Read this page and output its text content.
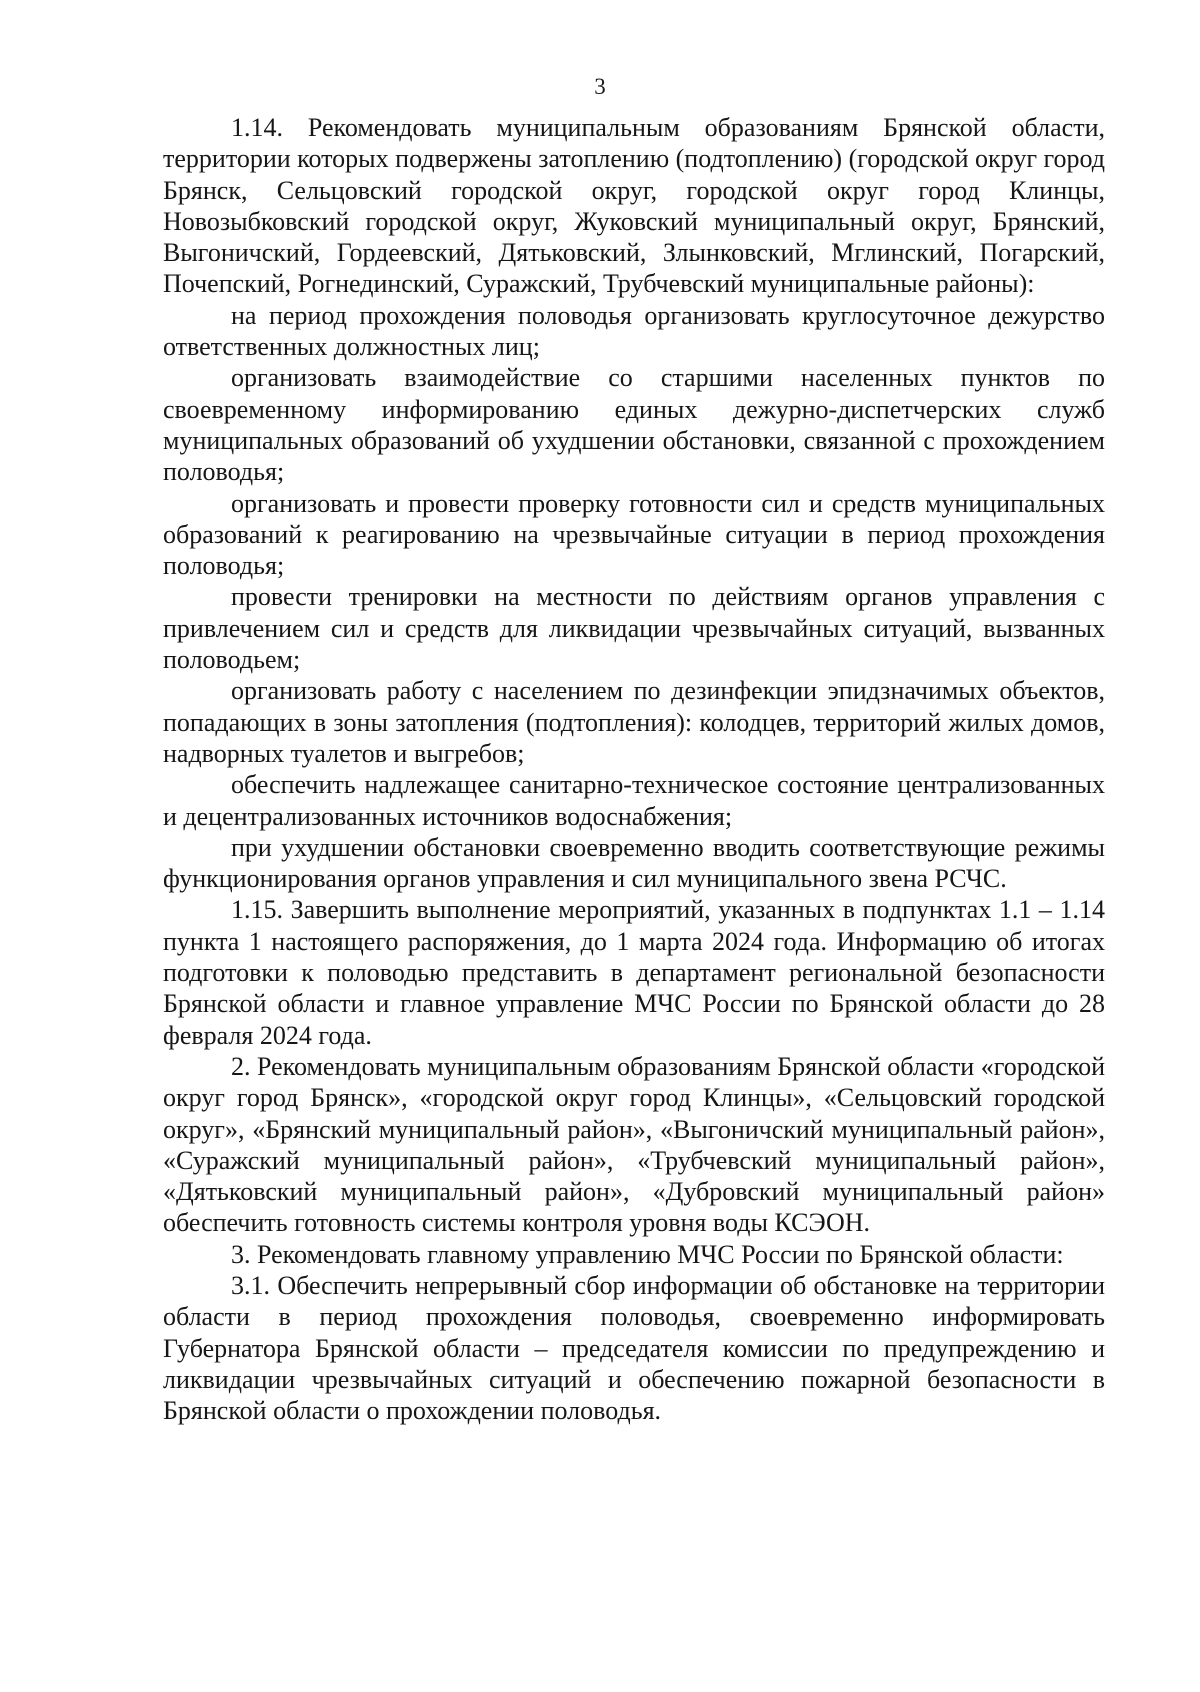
3

1.14. Рекомендовать муниципальным образованиям Брянской области, территории которых подвержены затоплению (подтоплению) (городской округ город Брянск, Сельцовский городской округ, городской округ город Клинцы, Новозыбковский городской округ, Жуковский муниципальный округ, Брянский, Выгоничский, Гордеевский, Дятьковский, Злынковский, Мглинский, Погарский, Почепский, Рогнединский, Суражский, Трубчевский муниципальные районы):

на период прохождения половодья организовать круглосуточное дежурство ответственных должностных лиц;

организовать взаимодействие со старшими населенных пунктов по своевременному информированию единых дежурно-диспетчерских служб муниципальных образований об ухудшении обстановки, связанной с прохождением половодья;

организовать и провести проверку готовности сил и средств муниципальных образований к реагированию на чрезвычайные ситуации в период прохождения половодья;

провести тренировки на местности по действиям органов управления с привлечением сил и средств для ликвидации чрезвычайных ситуаций, вызванных половодьем;

организовать работу с населением по дезинфекции эпидзначимых объектов, попадающих в зоны затопления (подтопления): колодцев, территорий жилых домов, надворных туалетов и выгребов;

обеспечить надлежащее санитарно-техническое состояние централизованных и децентрализованных источников водоснабжения;

при ухудшении обстановки своевременно вводить соответствующие режимы функционирования органов управления и сил муниципального звена РСЧС.

1.15. Завершить выполнение мероприятий, указанных в подпунктах 1.1 – 1.14 пункта 1 настоящего распоряжения, до 1 марта 2024 года. Информацию об итогах подготовки к половодью представить в департамент региональной безопасности Брянской области и главное управление МЧС России по Брянской области до 28 февраля 2024 года.

2. Рекомендовать муниципальным образованиям Брянской области «городской округ город Брянск», «городской округ город Клинцы», «Сельцовский городской округ», «Брянский муниципальный район», «Выгоничский муниципальный район», «Суражский муниципальный район», «Трубчевский муниципальный район», «Дятьковский муниципальный район», «Дубровский муниципальный район» обеспечить готовность системы контроля уровня воды КСЭОН.

3. Рекомендовать главному управлению МЧС России по Брянской области:

3.1. Обеспечить непрерывный сбор информации об обстановке на территории области в период прохождения половодья, своевременно информировать Губернатора Брянской области – председателя комиссии по предупреждению и ликвидации чрезвычайных ситуаций и обеспечению пожарной безопасности в Брянской области о прохождении половодья.
